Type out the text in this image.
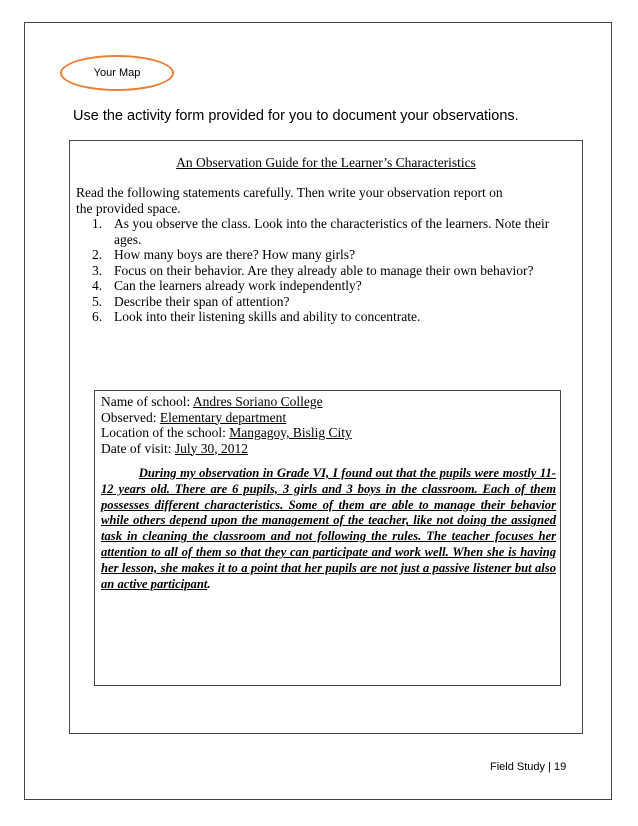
Your Map
Use the activity form provided for you to document your observations.
An Observation Guide for the Learner’s Characteristics
Read the following statements carefully. Then write your observation report on
the provided space.
1. As you observe the class. Look into the characteristics of the learners. Note their ages.
2. How many boys are there? How many girls?
3. Focus on their behavior. Are they already able to manage their own behavior?
4. Can the learners already work independently?
5. Describe their span of attention?
6. Look into their listening skills and ability to concentrate.
Name of school: Andres Soriano College
Observed: Elementary department
Location of the school: Mangagoy, Bislig City
Date of visit: July 30, 2012

   During my observation in Grade VI, I found out that the pupils were mostly 11-12 years old. There are 6 pupils, 3 girls and 3 boys in the classroom. Each of them possesses different characteristics. Some of them are able to manage their behavior while others depend upon the management of the teacher, like not doing the assigned task in cleaning the classroom and not following the rules. The teacher focuses her attention to all of them so that they can participate and work well. When she is having her lesson, she makes it to a point that her pupils are not just a passive listener but also an active participant.

Field Study | 19
